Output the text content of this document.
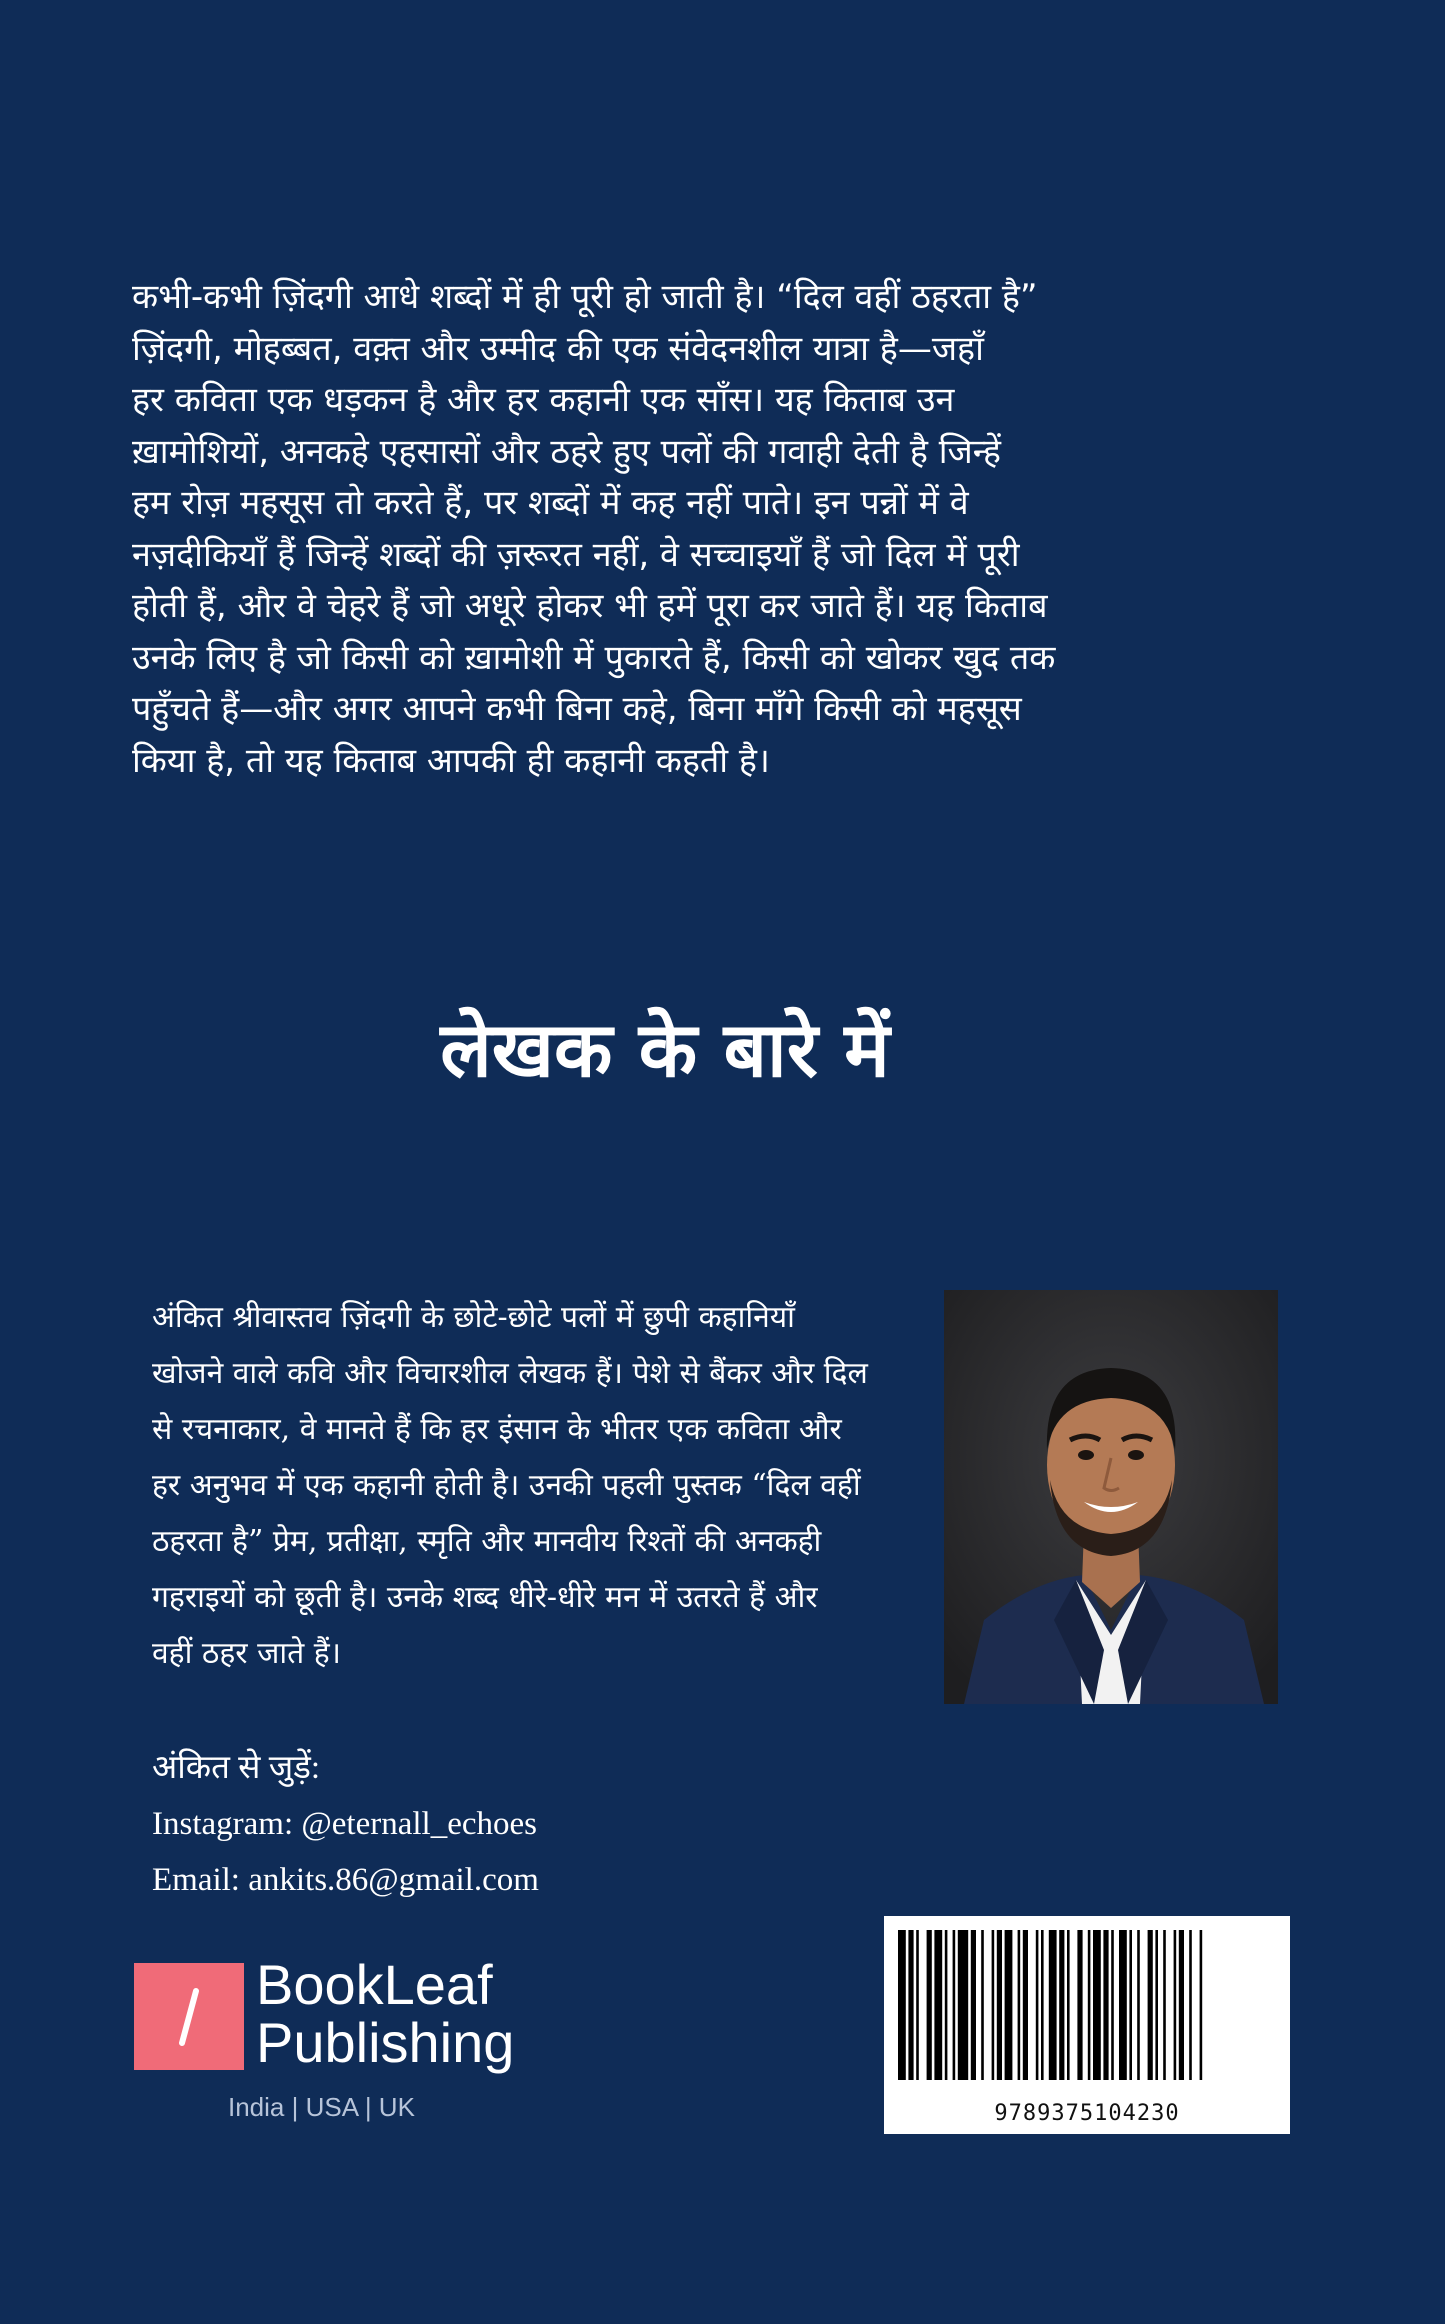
कभी-कभी ज़िंदगी आधे शब्दों में ही पूरी हो जाती है। “दिल वहीं ठहरता है”
ज़िंदगी, मोहब्बत, वक़्त और उम्मीद की एक संवेदनशील यात्रा है—जहाँ
हर कविता एक धड़कन है और हर कहानी एक साँस। यह किताब उन
ख़ामोशियों, अनकहे एहसासों और ठहरे हुए पलों की गवाही देती है जिन्हें
हम रोज़ महसूस तो करते हैं, पर शब्दों में कह नहीं पाते। इन पन्नों में वे
नज़दीकियाँ हैं जिन्हें शब्दों की ज़रूरत नहीं, वे सच्चाइयाँ हैं जो दिल में पूरी
होती हैं, और वे चेहरे हैं जो अधूरे होकर भी हमें पूरा कर जाते हैं। यह किताब
उनके लिए है जो किसी को ख़ामोशी में पुकारते हैं, किसी को खोकर खुद तक
पहुँचते हैं—और अगर आपने कभी बिना कहे, बिना माँगे किसी को महसूस
किया है, तो यह किताब आपकी ही कहानी कहती है।

लेखक के बारे में

अंकित श्रीवास्तव ज़िंदगी के छोटे-छोटे पलों में छुपी कहानियाँ
खोजने वाले कवि और विचारशील लेखक हैं। पेशे से बैंकर और दिल
से रचनाकार, वे मानते हैं कि हर इंसान के भीतर एक कविता और
हर अनुभव में एक कहानी होती है। उनकी पहली पुस्तक “दिल वहीं
ठहरता है” प्रेम, प्रतीक्षा, स्मृति और मानवीय रिश्तों की अनकही
गहराइयों को छूती है। उनके शब्द धीरे-धीरे मन में उतरते हैं और
वहीं ठहर जाते हैं।

अंकित से जुड़ें:
Instagram: @eternall_echoes
Email: ankits.86@gmail.com
BookLeaf
Publishing
India | USA | UK	9789375104230
